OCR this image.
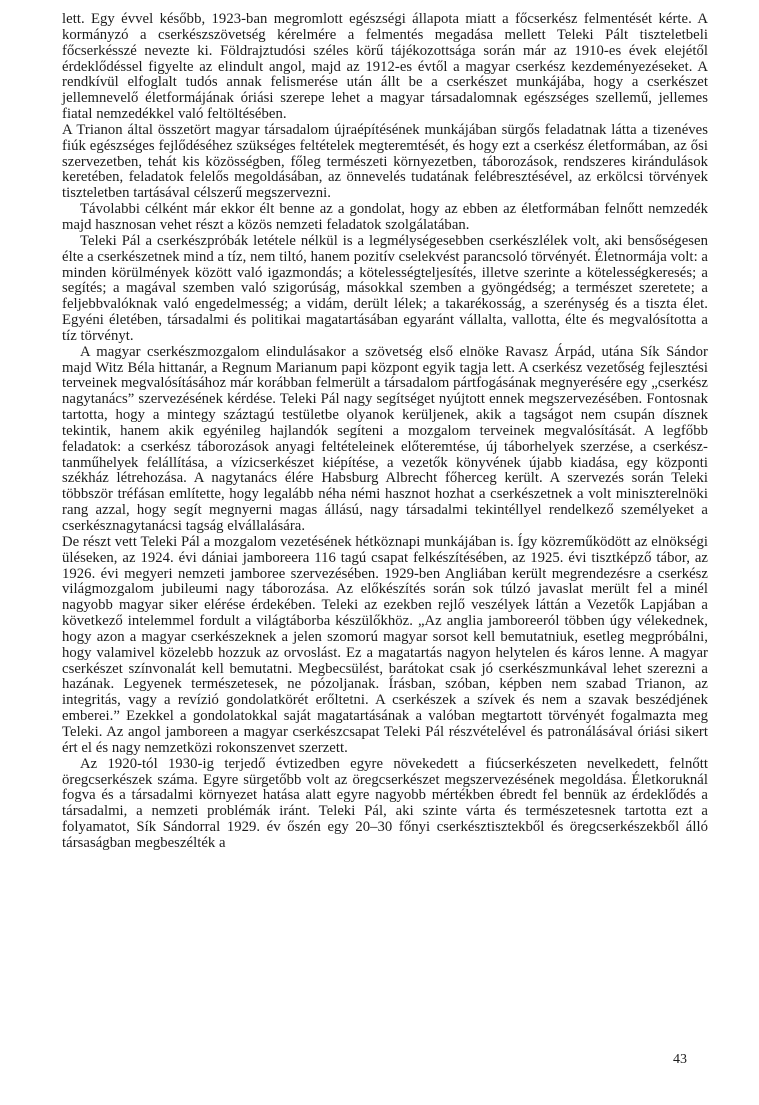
lett. Egy évvel később, 1923-ban megromlott egészségi állapota miatt a főcserkész felmentését kérte. A kormányzó a cserkészszövetség kérelmére a felmentés megadása mellett Teleki Pált tiszteletbeli főcserkésszé nevezte ki. Földrajztudósi széles körű tájékozottsága során már az 1910-es évek elejétől érdeklődéssel figyelte az elindult angol, majd az 1912-es évtől a magyar cserkész kezdeményezéseket. A rendkívül elfoglalt tudós annak felismerése után állt be a cserkészet munkájába, hogy a cserkészet jellemnevelő életformájának óriási szerepe lehet a magyar társadalomnak egészséges szellemű, jellemes fiatal nemzedékkel való feltöltésében.

A Trianon által összetört magyar társadalom újraépítésének munkájában sürgős feladatnak látta a tizenéves fiúk egészséges fejlődéséhez szükséges feltételek megteremtését, és hogy ezt a cserkész életformában, az ősi szervezetben, tehát kis közösségben, főleg természeti környezetben, táborozások, rendszeres kirándulások keretében, feladatok felelős megoldásában, az önnevelés tudatának felébresztésével, az erkölcsi törvények tiszteletben tartásával célszerű megszervezni.

Távolabbi célként már ekkor élt benne az a gondolat, hogy az ebben az életformában felnőtt nemzedék majd hasznosan vehet részt a közös nemzeti feladatok szolgálatában.

Teleki Pál a cserkészpróbák letétele nélkül is a legmélységesebben cserkészlélek volt, aki bensőségesen élte a cserkészetnek mind a tíz, nem tiltó, hanem pozitív cselekvést parancsoló törvényét. Életnormája volt: a minden körülmények között való igazmondás; a kötelességteljesítés, illetve szerinte a kötelességkeresés; a segítés; a magával szemben való szigorúság, másokkal szemben a gyöngédség; a természet szeretete; a feljebbvalóknak való engedelmesség; a vidám, derült lélek; a takarékosság, a szerénység és a tiszta élet. Egyéni életében, társadalmi és politikai magatartásában egyaránt vállalta, vallotta, élte és megvalósította a tíz törvényt.

A magyar cserkészmozgalom elindulásakor a szövetség első elnöke Ravasz Árpád, utána Sík Sándor majd Witz Béla hittanár, a Regnum Marianum papi központ egyik tagja lett. A cserkész vezetőség fejlesztési terveinek megvalósításához már korábban felmerült a társadalom pártfogásának megnyerésére egy „cserkész nagytanács” szervezésének kérdése. Teleki Pál nagy segítséget nyújtott ennek megszervezésében. Fontosnak tartotta, hogy a mintegy száztagú testületbe olyanok kerüljenek, akik a tagságot nem csupán dísznek tekintik, hanem akik egyénileg hajlandók segíteni a mozgalom terveinek megvalósítását. A legfőbb feladatok: a cserkész táborozások anyagi feltételeinek előteremtése, új táborhelyek szerzése, a cserkész-tanműhelyek felállítása, a vízicserkészet kiépítése, a vezetők könyvének újabb kiadása, egy központi székház létrehozása. A nagytanács élére Habsburg Albrecht főherceg került. A szervezés során Teleki többször tréfásan említette, hogy legalább néha némi hasznot hozhat a cserkészetnek a volt miniszterelnöki rang azzal, hogy segít megnyerni magas állású, nagy társadalmi tekintéllyel rendelkező személyeket a cserkésznagytanácsi tagság elvállalására.

De részt vett Teleki Pál a mozgalom vezetésének hétköznapi munkájában is. Így közreműködött az elnökségi üléseken, az 1924. évi dániai jamboreera 116 tagú csapat felkészítésében, az 1925. évi tisztképző tábor, az 1926. évi megyeri nemzeti jamboree szervezésében. 1929-ben Angliában került megrendezésre a cserkész világmozgalom jubileumi nagy táborozása. Az előkészítés során sok túlzó javaslat merült fel a minél nagyobb magyar siker elérése érdekében. Teleki az ezekben rejlő veszélyek láttán a Vezetők Lapjában a következő intelemmel fordult a világtáborba készülőkhöz. „Az anglia jamboreeról többen úgy vélekednek, hogy azon a magyar cserkészeknek a jelen szomorú magyar sorsot kell bemutatniuk, esetleg megpróbálni, hogy valamivel közelebb hozzuk az orvoslást. Ez a magatartás nagyon helytelen és káros lenne. A magyar cserkészet színvonalát kell bemutatni. Megbecsülést, barátokat csak jó cserkészmunkával lehet szerezni a hazának. Legyenek természetesek, ne pózoljanak. Írásban, szóban, képben nem szabad Trianon, az integritás, vagy a revízió gondolatkörét erőltetni. A cserkészek a szívek és nem a szavak beszédjének emberei.” Ezekkel a gondolatokkal saját magatartásának a valóban megtartott törvényét fogalmazta meg Teleki. Az angol jamboreen a magyar cserkészcsapat Teleki Pál részvételével és patronálásával óriási sikert ért el és nagy nemzetközi rokonszenvet szerzett.

Az 1920-tól 1930-ig terjedő évtizedben egyre növekedett a fiúcserkészeten nevelkedett, felnőtt öregcserkészek száma. Egyre sürgetőbb volt az öregcserkészet megszervezésének megoldása. Életkoruknál fogva és a társadalmi környezet hatása alatt egyre nagyobb mértékben ébredt fel bennük az érdeklődés a társadalmi, a nemzeti problémák iránt. Teleki Pál, aki szinte várta és természetesnek tartotta ezt a folyamatot, Sík Sándorral 1929. év őszén egy 20–30 főnyi cserkésztisztekből és öregcserkészekből álló társaságban megbeszélték a

43
